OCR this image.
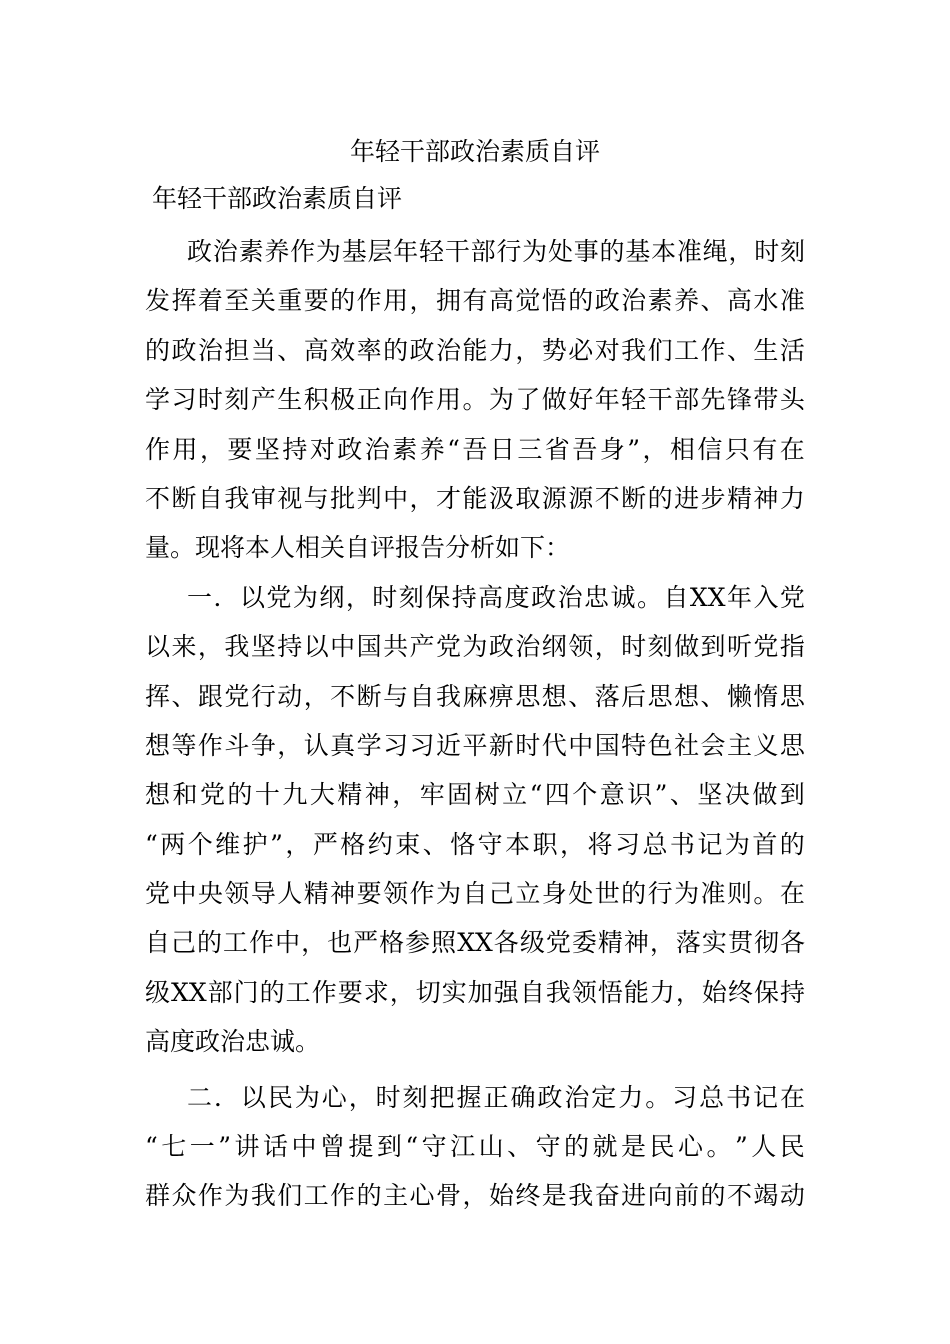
年轻干部政治素质自评
年轻干部政治素质自评
政 治 素 养 作 为 基 层 年 轻 干 部 行 为 处 事 的 基 本 准 绳 ， 时 刻
发 挥 着 至 关 重 要 的 作 用 ， 拥 有 高 觉 悟 的 政 治 素 养 、 高 水 准
的 政 治 担 当 、 高 效 率 的 政 治 能 力 ， 势 必 对 我 们 工 作 、 生 活
学 习 时 刻 产 生 积 极 正 向 作 用 。 为 了 做 好 年 轻 干 部 先 锋 带 头
作 用 ， 要 坚 持 对 政 治 素 养 “ 吾 日 三 省 吾 身 ” ， 相 信 只 有 在
不 断 自 我 审 视 与 批 判 中 ， 才 能 汲 取 源 源 不 断 的 进 步 精 神 力
量。现将本人相关自评报告分析如下：
一 ． 以 党 为 纲 ， 时 刻 保 持 高 度 政 治 忠 诚 。 自 XX 年 入 党
以 来 ， 我 坚 持 以 中 国 共 产 党 为 政 治 纲 领 ， 时 刻 做 到 听 党 指
挥 、 跟 党 行 动 ， 不 断 与 自 我 麻 痹 思 想 、 落 后 思 想 、 懒 惰 思
想 等 作 斗 争 ， 认 真 学 习 习 近 平 新 时 代 中 国 特 色 社 会 主 义 思
想 和 党 的 十 九 大 精 神 ， 牢 固 树 立 “ 四 个 意 识 ” 、 坚 决 做 到
“ 两 个 维 护 ” ， 严 格 约 束 、 恪 守 本 职 ， 将 习 总 书 记 为 首 的
党 中 央 领 导 人 精 神 要 领 作 为 自 己 立 身 处 世 的 行 为 准 则 。 在
自 己 的 工 作 中 ， 也 严 格 参 照 XX 各 级 党 委 精 神 ， 落 实 贯 彻 各
级 XX 部 门 的 工 作 要 求 ， 切 实 加 强 自 我 领 悟 能 力 ， 始 终 保 持
高度政治忠诚。
二 ． 以 民 为 心 ， 时 刻 把 握 正 确 政 治 定 力 。 习 总 书 记 在
“ 七 一 ” 讲 话 中 曾 提 到 “ 守 江 山 、 守 的 就 是 民 心 。 ” 人 民
群 众 作 为 我 们 工 作 的 主 心 骨 ， 始 终 是 我 奋 进 向 前 的 不 竭 动
